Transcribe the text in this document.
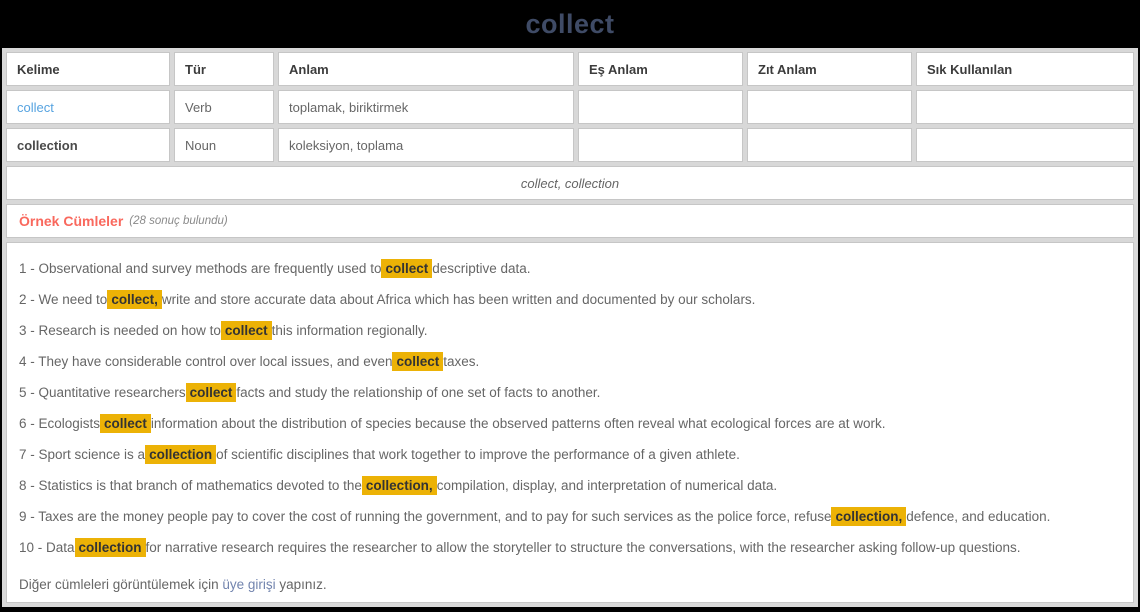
collect
Kelime	Tür	Anlam	Eş Anlam	Zıt Anlam	Sık Kullanılan
collect	Verb	toplamak, biriktirmek
collection	Noun	koleksiyon, toplama
collect, collection
Örnek Cümleler (28 sonuç bulundu)

1 - Observational and survey methods are frequently used to collect descriptive data.

2 - We need to collect, write and store accurate data about Africa which has been written and documented by our scholars.

3 - Research is needed on how to collect this information regionally.

4 - They have considerable control over local issues, and even collect taxes.

5 - Quantitative researchers collect facts and study the relationship of one set of facts to another.

6 - Ecologists collect information about the distribution of species because the observed patterns often reveal what ecological forces are at work.

7 - Sport science is a collection of scientific disciplines that work together to improve the performance of a given athlete.

8 - Statistics is that branch of mathematics devoted to the collection, compilation, display, and interpretation of numerical data.

9 - Taxes are the money people pay to cover the cost of running the government, and to pay for such services as the police force, refuse collection, defence, and education.

10 - Data collection for narrative research requires the researcher to allow the storyteller to structure the conversations, with the researcher asking follow-up questions.

Diğer cümleleri görüntülemek için üye girişi yapınız.
